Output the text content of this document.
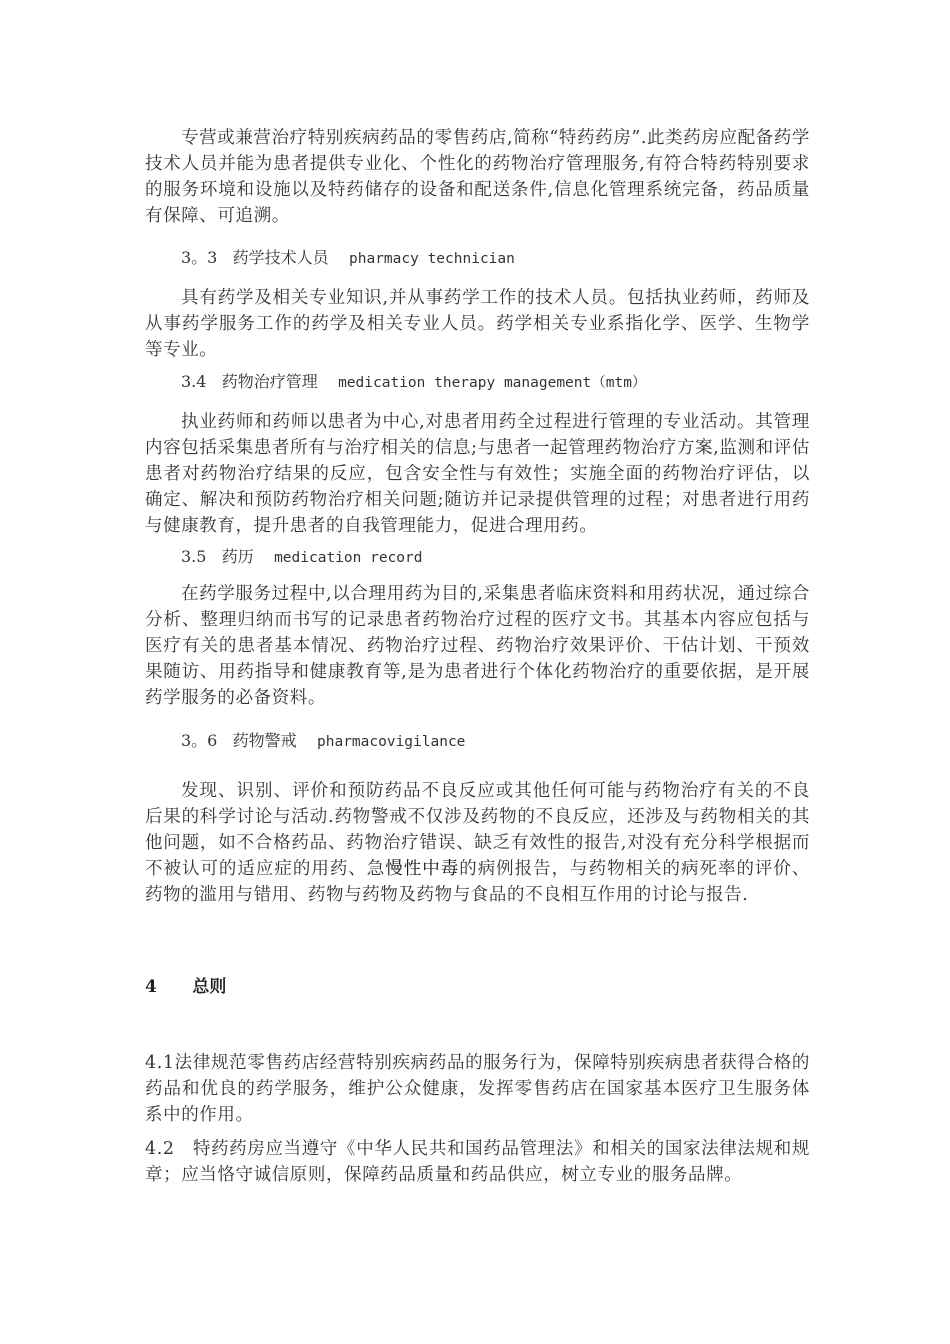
专营或兼营治疗特别疾病药品的零售药店,简称“特药药房”.此类药房应配备药学技术人员并能为患者提供专业化、个性化的药物治疗管理服务,有符合特药特别要求的服务环境和设施以及特药储存的设备和配送条件,信息化管理系统完备，药品质量有保障、可追溯。

3。3 药学技术人员 pharmacy technician

具有药学及相关专业知识,并从事药学工作的技术人员。包括执业药师，药师及从事药学服务工作的药学及相关专业人员。药学相关专业系指化学、医学、生物学等专业。

3.4 药物治疗管理 medication therapy management（mtm）

执业药师和药师以患者为中心,对患者用药全过程进行管理的专业活动。其管理内容包括采集患者所有与治疗相关的信息;与患者一起管理药物治疗方案,监测和评估患者对药物治疗结果的反应，包含安全性与有效性；实施全面的药物治疗评估，以确定、解决和预防药物治疗相关问题;随访并记录提供管理的过程；对患者进行用药与健康教育，提升患者的自我管理能力，促进合理用药。

3.5 药历 medication record

在药学服务过程中,以合理用药为目的,采集患者临床资料和用药状况，通过综合分析、整理归纳而书写的记录患者药物治疗过程的医疗文书。其基本内容应包括与医疗有关的患者基本情况、药物治疗过程、药物治疗效果评价、干估计划、干预效果随访、用药指导和健康教育等,是为患者进行个体化药物治疗的重要依据，是开展药学服务的必备资料。

3。6 药物警戒 pharmacovigilance

发现、识别、评价和预防药品不良反应或其他任何可能与药物治疗有关的不良后果的科学讨论与活动.药物警戒不仅涉及药物的不良反应，还涉及与药物相关的其他问题，如不合格药品、药物治疗错误、缺乏有效性的报告,对没有充分科学根据而不被认可的适应症的用药、急慢性中毒的病例报告，与药物相关的病死率的评价、药物的滥用与错用、药物与药物及药物与食品的不良相互作用的讨论与报告.

4 总则

4.1法律规范零售药店经营特别疾病药品的服务行为，保障特别疾病患者获得合格的药品和优良的药学服务，维护公众健康，发挥零售药店在国家基本医疗卫生服务体系中的作用。

4.2　特药药房应当遵守《中华人民共和国药品管理法》和相关的国家法律法规和规章；应当恪守诚信原则，保障药品质量和药品供应，树立专业的服务品牌。
